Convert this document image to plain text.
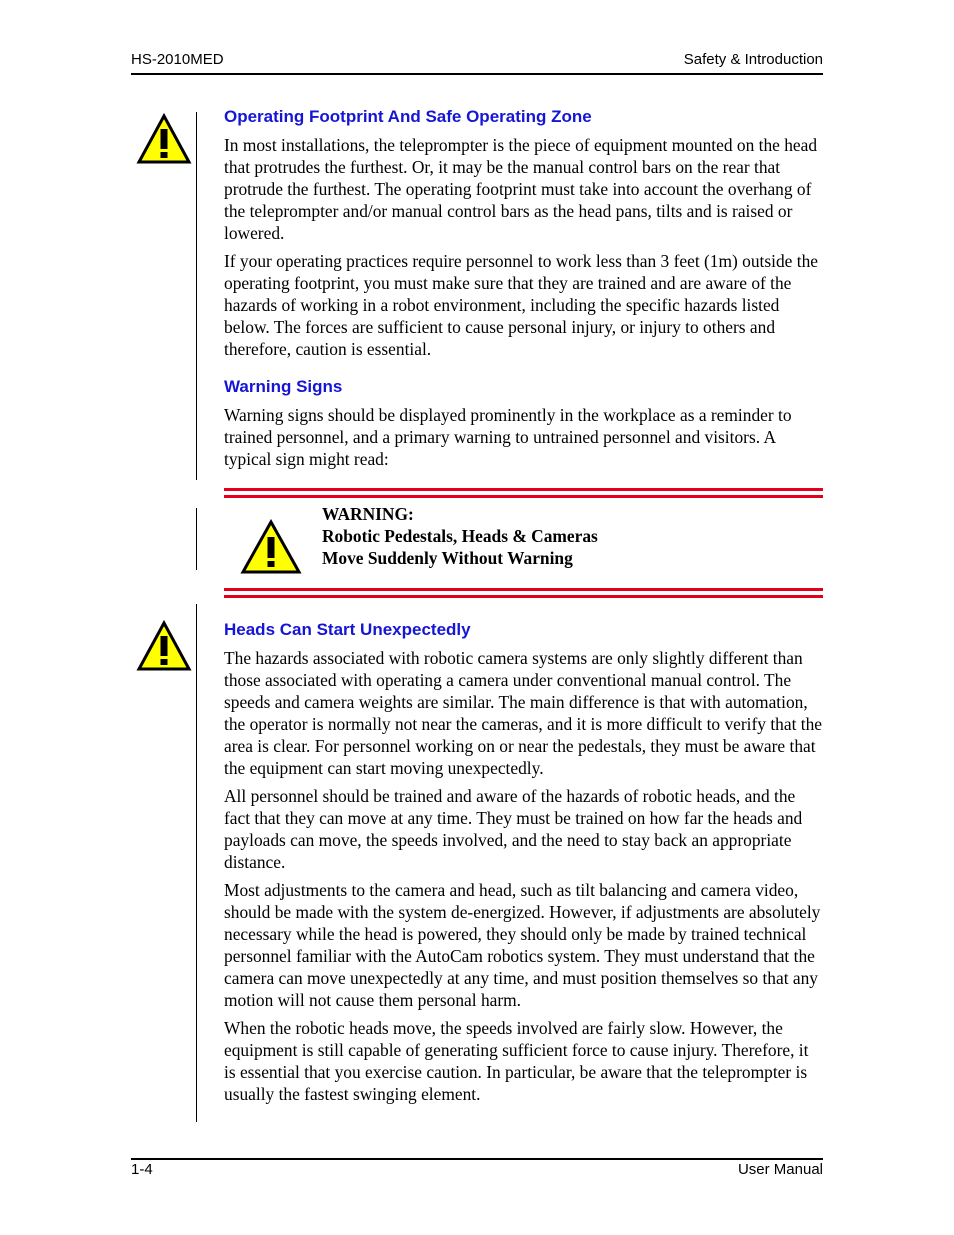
HS-2010MED	Safety & Introduction
Operating Footprint And Safe Operating Zone

In most installations, the teleprompter is the piece of equipment mounted on the head that protrudes the furthest. Or, it may be the manual control bars on the rear that protrude the furthest. The operating footprint must take into account the overhang of the teleprompter and/or manual control bars as the head pans, tilts and is raised or lowered.

If your operating practices require personnel to work less than 3 feet (1m) outside the operating footprint, you must make sure that they are trained and are aware of the hazards of working in a robot environment, including the specific hazards listed below. The forces are sufficient to cause personal injury, or injury to others and therefore, caution is essential.

Warning Signs

Warning signs should be displayed prominently in the workplace as a reminder to trained personnel, and a primary warning to untrained personnel and visitors. A typical sign might read:

WARNING:
Robotic Pedestals, Heads & Cameras
Move Suddenly Without Warning
Heads Can Start Unexpectedly

The hazards associated with robotic camera systems are only slightly different than those associated with operating a camera under conventional manual control. The speeds and camera weights are similar. The main difference is that with automation, the operator is normally not near the cameras, and it is more difficult to verify that the area is clear. For personnel working on or near the pedestals, they must be aware that the equipment can start moving unexpectedly.

All personnel should be trained and aware of the hazards of robotic heads, and the fact that they can move at any time. They must be trained on how far the heads and payloads can move, the speeds involved, and the need to stay back an appropriate distance.

Most adjustments to the camera and head, such as tilt balancing and camera video, should be made with the system de-energized. However, if adjustments are absolutely necessary while the head is powered, they should only be made by trained technical personnel familiar with the AutoCam robotics system. They must understand that the camera can move unexpectedly at any time, and must position themselves so that any motion will not cause them personal harm.

When the robotic heads move, the speeds involved are fairly slow. However, the equipment is still capable of generating sufficient force to cause injury. Therefore, it is essential that you exercise caution. In particular, be aware that the teleprompter is usually the fastest swinging element.

1-4	User Manual
